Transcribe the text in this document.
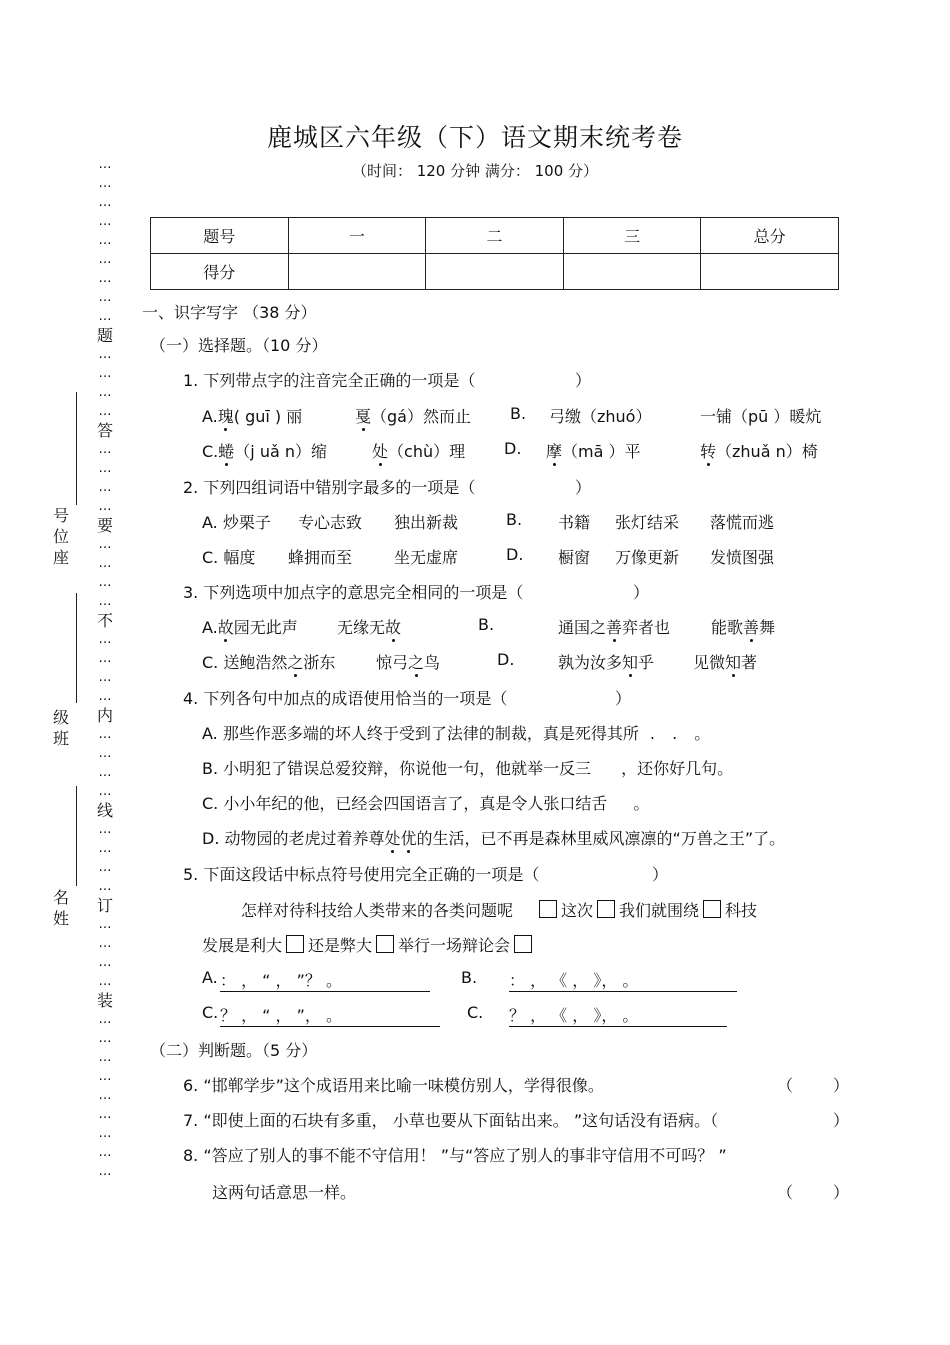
鹿城区六年级（下）语文期末统考卷
（时间： 120 分钟 满分： 100 分）
…
…
…
…
…
…
…
…
…
题
…
…
…
…
答
…
…
…
…
要
…
…
…
…
不
…
…
…
…
内
…
…
…
…
线
…
…
…
…
订
…
…
…
…
装
…
…
…
…
…
…
…
…
…
号
位
座
级
班
名
姓
题号	一	二	三	总分
得分				
一、识字写字 （38 分）
（一）选择题。（10 分）
1. 下列带点字的注音完全正确的一项是（	）
A.瑰( guī ) 丽	戛（gá）然而止 B. 弓缴（zhuó）	一铺（pū ）暖炕
C.蜷（j uǎ n）缩	处（chù）理 D. 摩（mā ）平	转（zhuǎ n）椅
2. 下列四组词语中错别字最多的一项是（	）
A. 炒栗子 专心志致 独出新裁	B. 书籍 张灯结采 落慌而逃
C. 幅度 蜂拥而至	坐无虚席	D. 橱窗 万像更新 发愤图强
3. 下列选项中加点字的意思完全相同的一项是（	）
A.故园无此声 无缘无故	B.	通国之善弈者也	能歌善舞
C. 送鲍浩然之浙东	惊弓之鸟	D.	孰为汝多知乎 见微知著
4. 下列各句中加点的成语使用恰当的一项是（	）
A. 那些作恶多端的坏人终于受到了法律的制裁，真是死得其所 . . 。
B. 小明犯了错误总爱狡辩，你说他一句，他就举一反三 ，还你好几句。
C. 小小年纪的他，已经会四国语言了，真是令人张口结舌 。
D. 动物园的老虎过着养尊处优的生活，已不再是森林里威风凛凛的“万兽之王”了。
5. 下面这段话中标点符号使用完全正确的一项是（	）
怎样对待科技给人类带来的各类问题呢	这次 我们就围绕 科技
发展是利大 还是弊大 举行一场辩论会
A. ： ， “ ， ”？ 。	B. ： ， 《 ， 》， 。
C. ？ ， “ ， ”， 。	C. ？ ， 《 ， 》， 。
（二）判断题。（5 分）
6. “邯郸学步”这个成语用来比喻一味模仿别人，学得很像。	（ ）
7. “即使上面的石块有多重， 小草也要从下面钻出来。 ”这句话没有语病。（	）
8. “答应了别人的事不能不守信用！ ”与“答应了别人的事非守信用不可吗？ ”
这两句话意思一样。	（ ）
